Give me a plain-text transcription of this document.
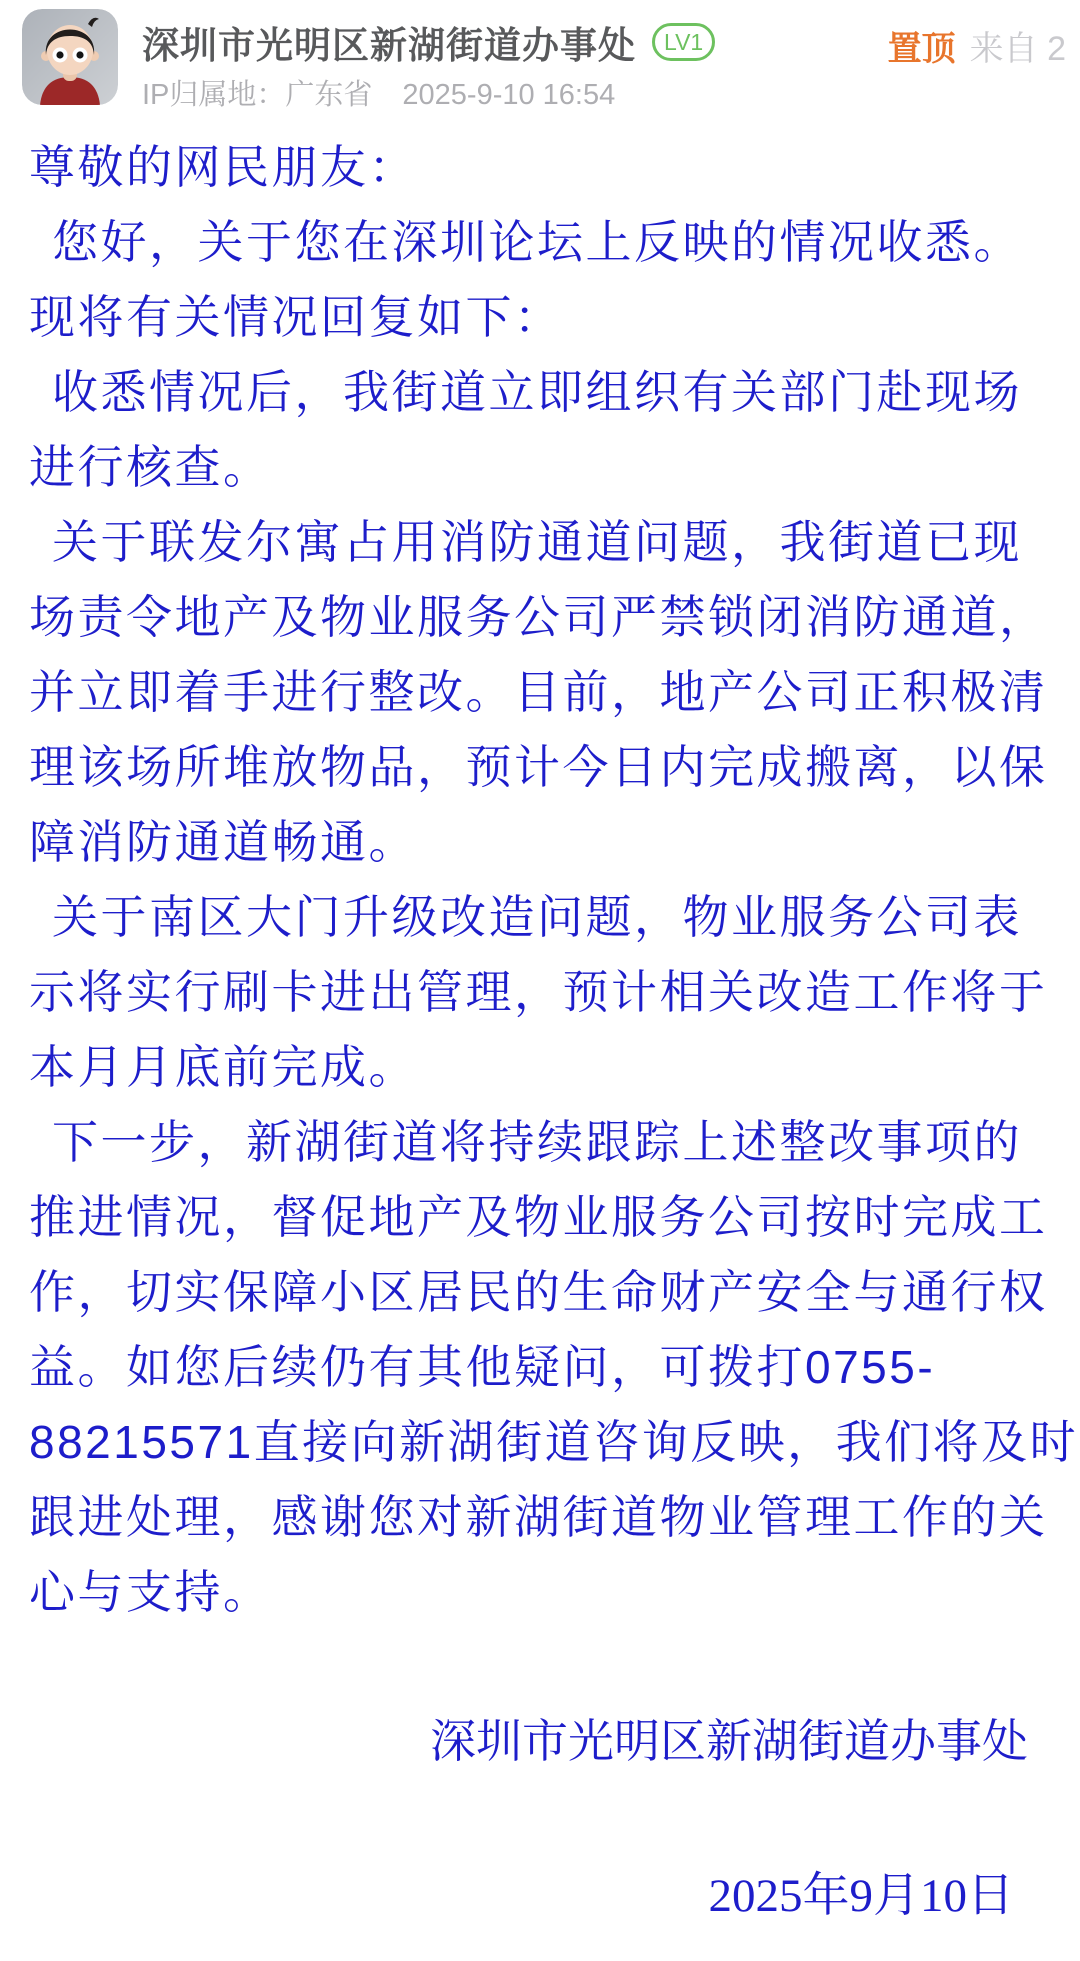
深圳市光明区新湖街道办事处	LV1
IP归属地：广东省 2025-9-10 16:54
置顶 来自 2
尊敬的网民朋友：
您好，关于您在深圳论坛上反映的情况收悉。
现将有关情况回复如下：
收悉情况后，我街道立即组织有关部门赴现场
进行核查。
关于联发尔寓占用消防通道问题，我街道已现
场责令地产及物业服务公司严禁锁闭消防通道，
并立即着手进行整改。目前，地产公司正积极清
理该场所堆放物品，预计今日内完成搬离，以保
障消防通道畅通。
关于南区大门升级改造问题，物业服务公司表
示将实行刷卡进出管理，预计相关改造工作将于
本月月底前完成。
下一步，新湖街道将持续跟踪上述整改事项的
推进情况，督促地产及物业服务公司按时完成工
作，切实保障小区居民的生命财产安全与通行权
益。如您后续仍有其他疑问，可拨打0755-
88215571直接向新湖街道咨询反映，我们将及时
跟进处理，感谢您对新湖街道物业管理工作的关
心与支持。
深圳市光明区新湖街道办事处
2025年9月10日
